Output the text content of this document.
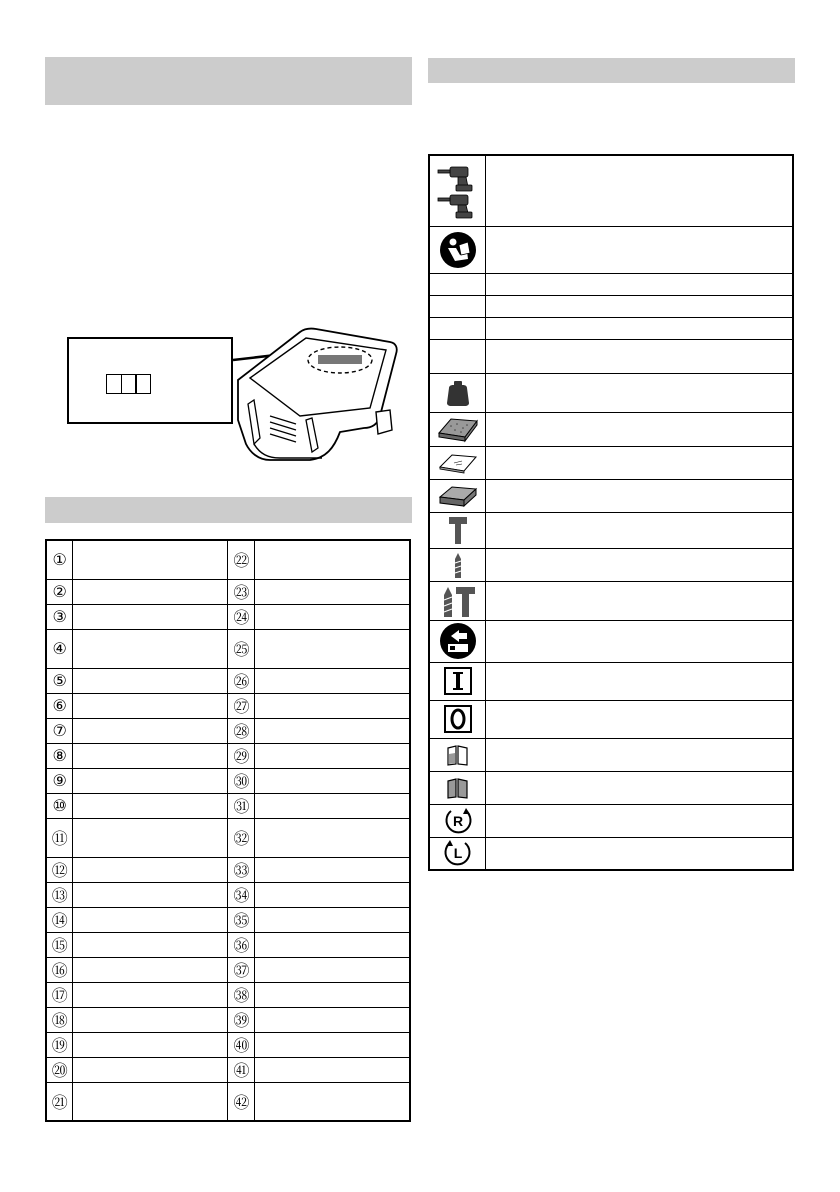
①		㉒	
②		㉓	
③		㉔	
④		㉕	
⑤		㉖	
⑥		㉗	
⑦		㉘	
⑧		㉙	
⑨		㉚	
⑩		㉛	
⑪		㉜	
⑫		㉝	
⑬		㉞	
⑭		㉟	
⑮		㊱	
⑯		㊲	
⑰		㊳	
⑱		㊴	
⑲		㊵	
⑳		㊶	
㉑		㊷	

R	

L	
